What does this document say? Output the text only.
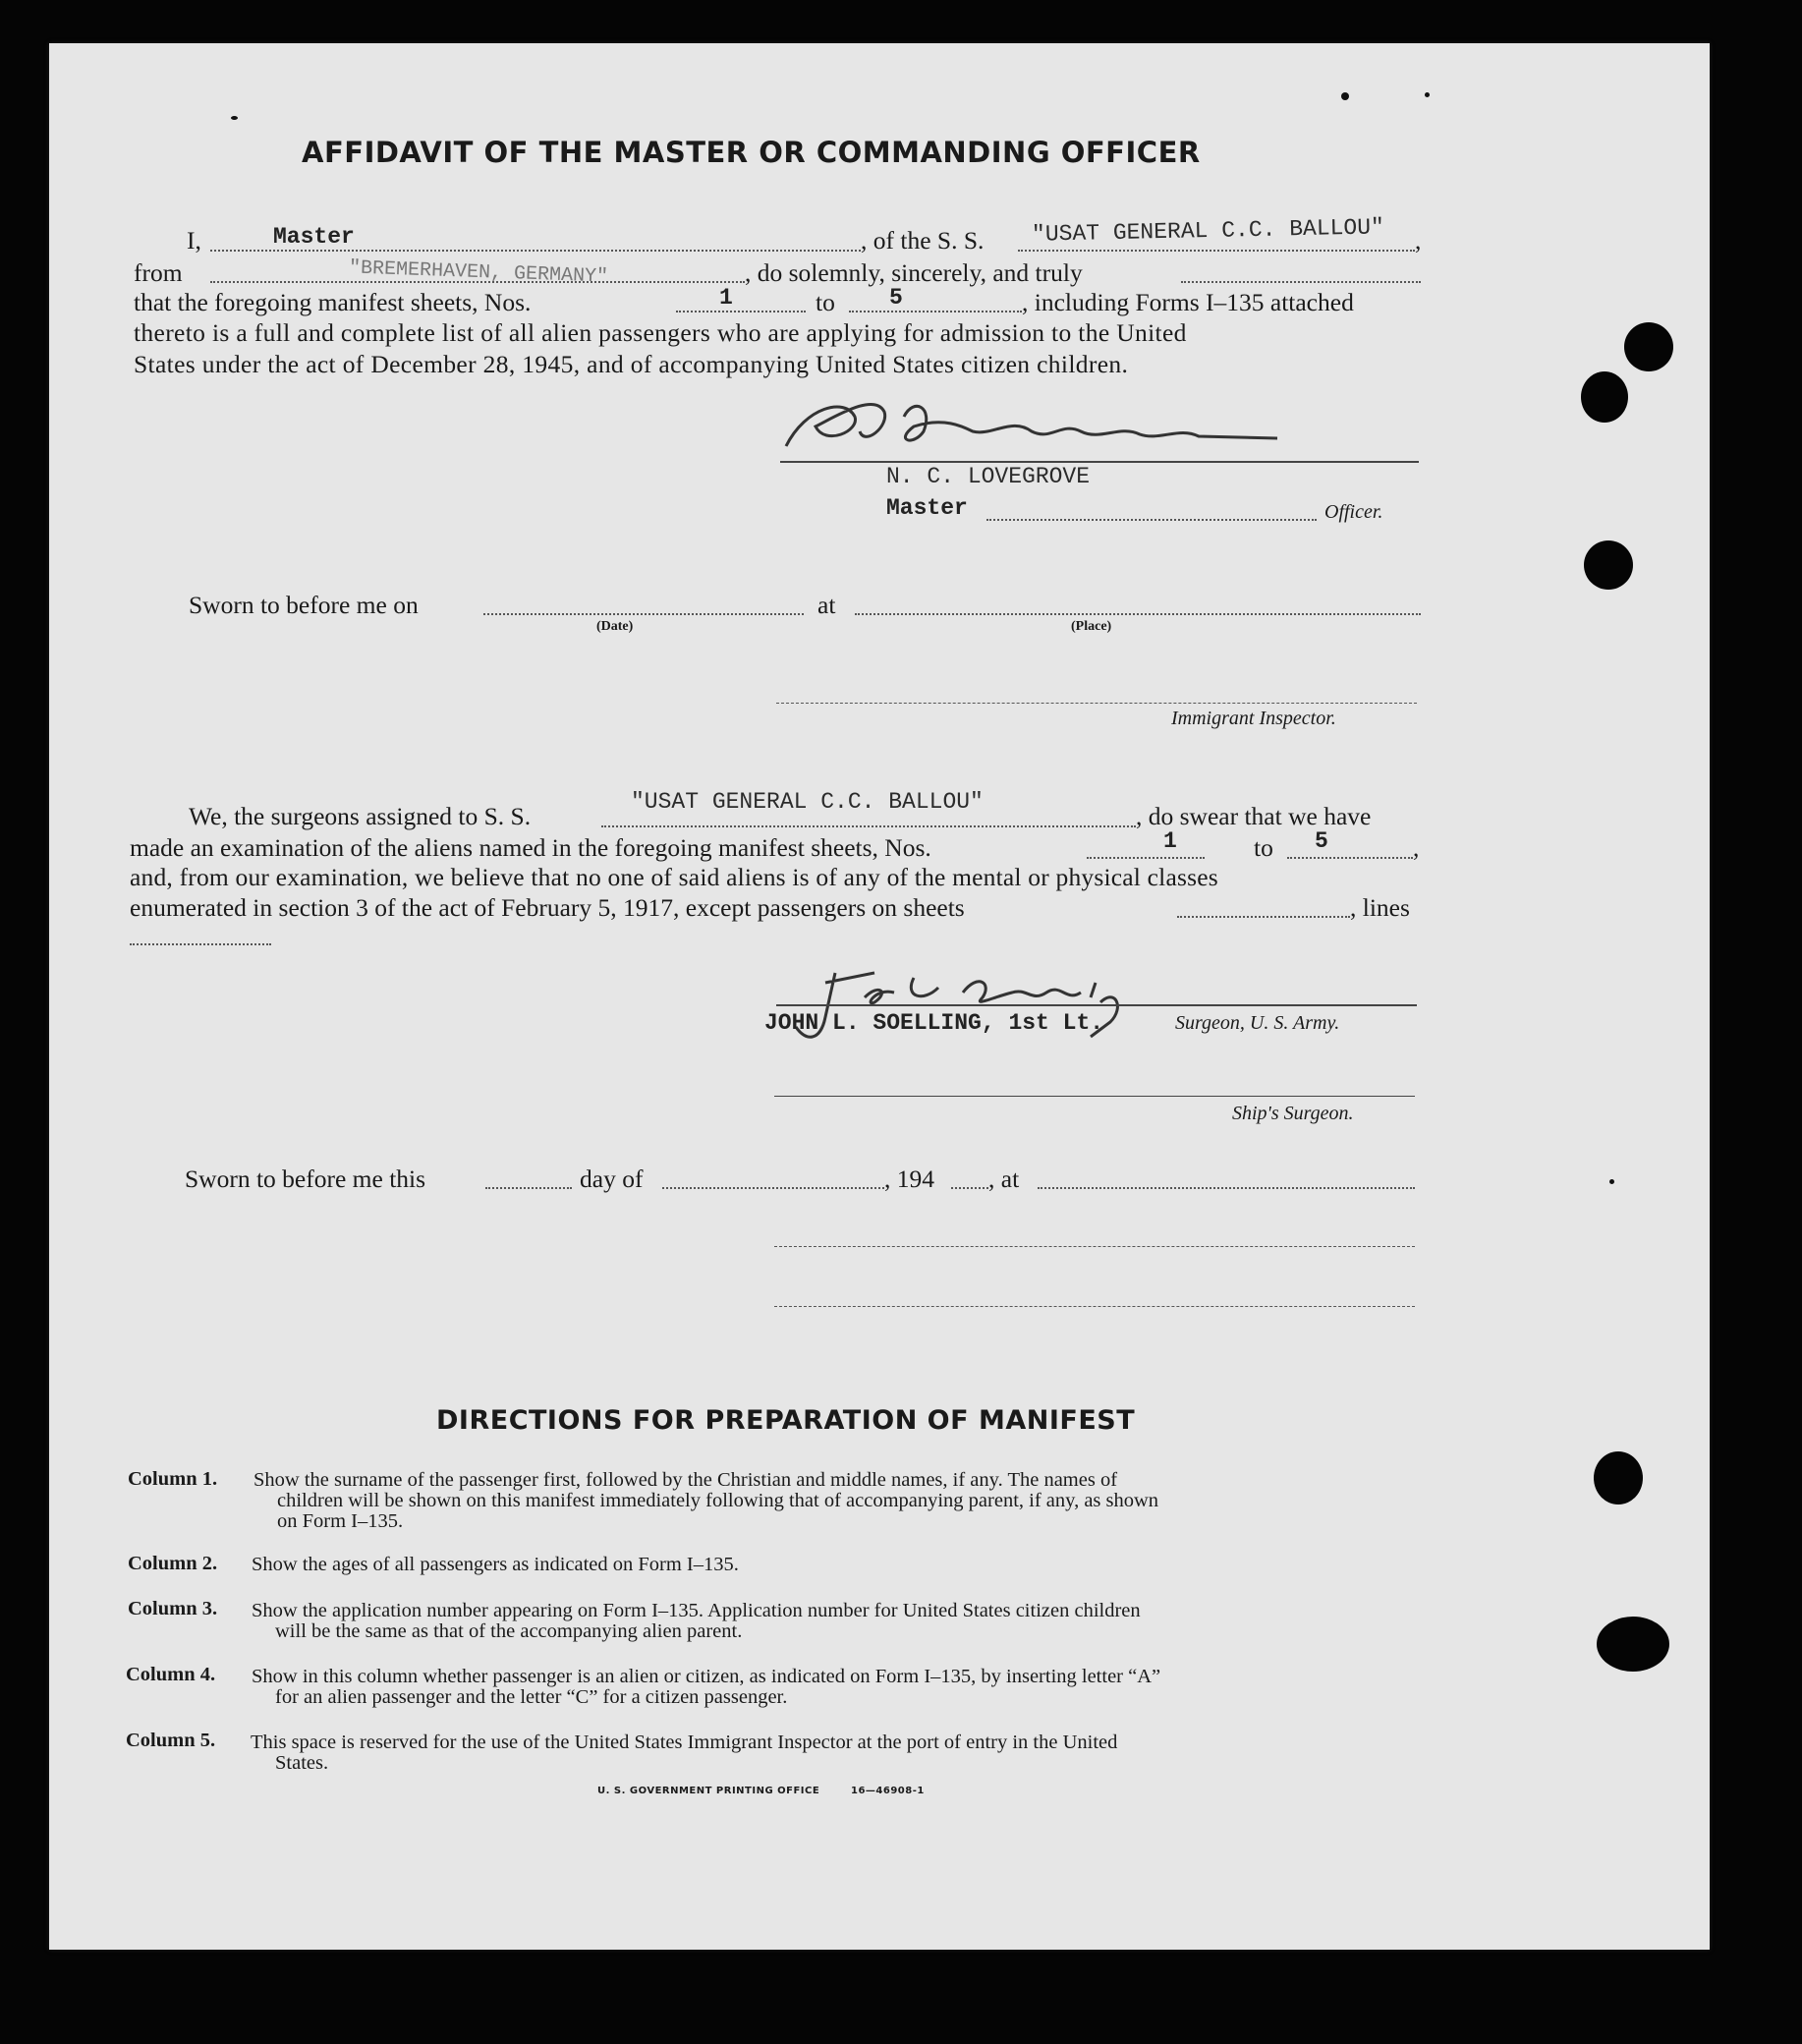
AFFIDAVIT OF THE MASTER OR COMMANDING OFFICER
I,	Master	, of the S. S. "USAT GENERAL C.C. BALLOU" ,
from	"BREMERHAVEN, GERMANY"	, do solemnly, sincerely, and truly
that the foregoing manifest sheets, Nos.	1	to 5	, including Forms I–135 attached
thereto is a full and complete list of all alien passengers who are applying for admission to the United
States under the act of December 28, 1945, and of accompanying United States citizen children.
N. C. LOVEGROVE
Master	Officer.
Sworn to before me on
(Date)
at
(Place)
Immigrant Inspector.
We, the surgeons assigned to S. S.	"USAT GENERAL C.C. BALLOU"	, do swear that we have
made an examination of the aliens named in the foregoing manifest sheets, Nos.	1	to 5	,
and, from our examination, we believe that no one of said aliens is of any of the mental or physical classes
enumerated in section 3 of the act of February 5, 1917, except passengers on sheets	, lines
JOHN L. SOELLING, 1st Lt.	Surgeon, U. S. Army.
Ship's Surgeon.
Sworn to before me this	day of	, 194 , at
DIRECTIONS FOR PREPARATION OF MANIFEST
Column 1. Show the surname of the passenger first, followed by the Christian and middle names, if any. The names of
children will be shown on this manifest immediately following that of accompanying parent, if any, as shown
on Form I–135.
Column 2. Show the ages of all passengers as indicated on Form I–135.
Column 3. Show the application number appearing on Form I–135. Application number for United States citizen children
will be the same as that of the accompanying alien parent.
Column 4. Show in this column whether passenger is an alien or citizen, as indicated on Form I–135, by inserting letter “A”
for an alien passenger and the letter “C” for a citizen passenger.
Column 5. This space is reserved for the use of the United States Immigrant Inspector at the port of entry in the United
States.
U. S. GOVERNMENT PRINTING OFFICE	16—46908-1
